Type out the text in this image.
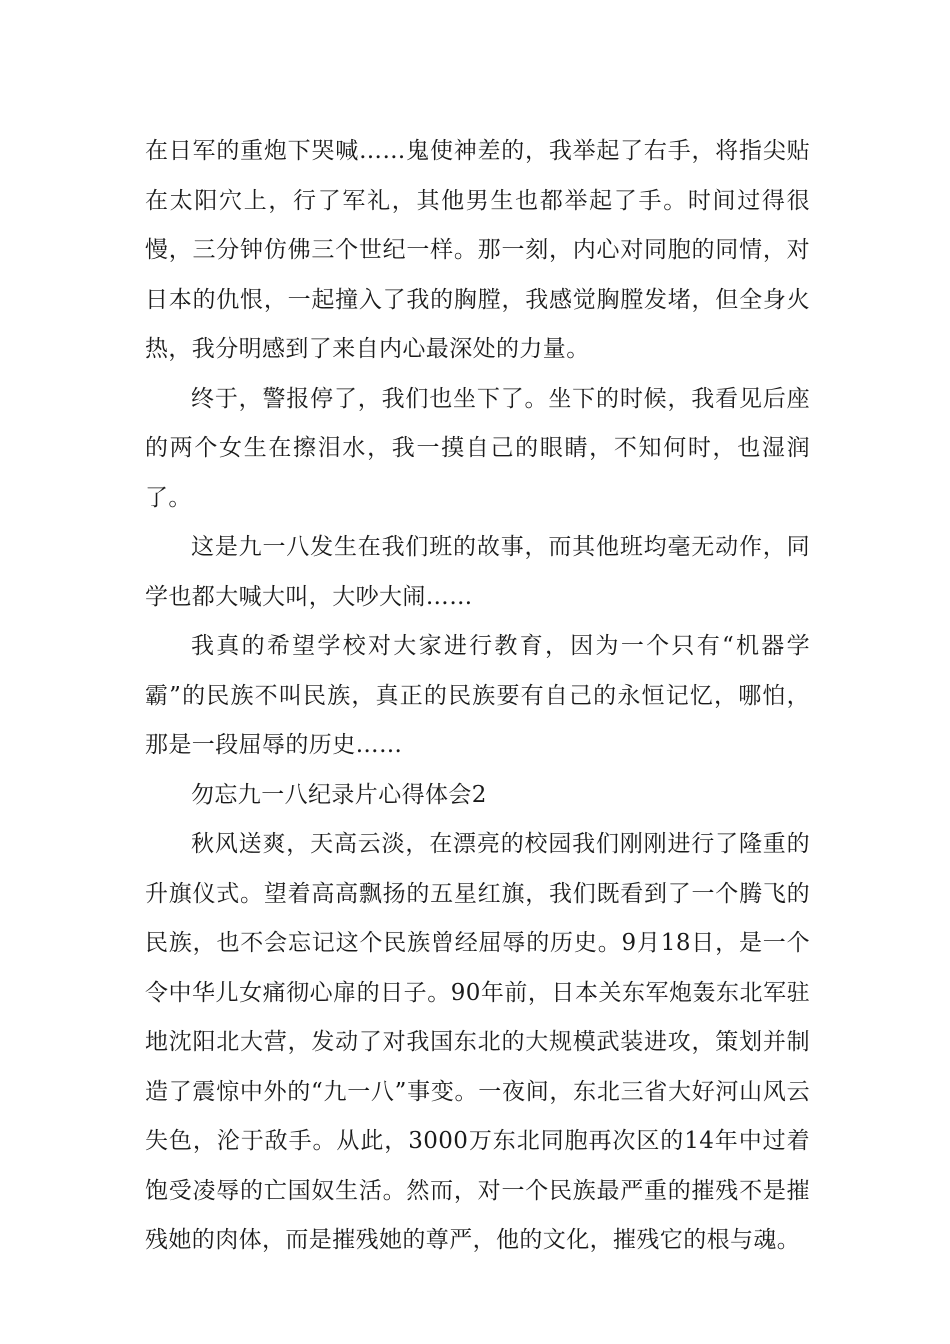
在日军的重炮下哭喊……鬼使神差的，我举起了右手，将指尖贴在太阳穴上，行了军礼，其他男生也都举起了手。时间过得很慢，三分钟仿佛三个世纪一样。那一刻，内心对同胞的同情，对日本的仇恨，一起撞入了我的胸膛，我感觉胸膛发堵，但全身火热，我分明感到了来自内心最深处的力量。

终于，警报停了，我们也坐下了。坐下的时候，我看见后座的两个女生在擦泪水，我一摸自己的眼睛，不知何时，也湿润了。

这是九一八发生在我们班的故事，而其他班均毫无动作，同学也都大喊大叫，大吵大闹……

我真的希望学校对大家进行教育，因为一个只有“机器学霸”的民族不叫民族，真正的民族要有自己的永恒记忆，哪怕，那是一段屈辱的历史……

勿忘九一八纪录片心得体会2

秋风送爽，天高云淡，在漂亮的校园我们刚刚进行了隆重的升旗仪式。望着高高飘扬的五星红旗，我们既看到了一个腾飞的民族，也不会忘记这个民族曾经屈辱的历史。9月18日，是一个令中华儿女痛彻心扉的日子。90年前，日本关东军炮轰东北军驻地沈阳北大营，发动了对我国东北的大规模武装进攻，策划并制造了震惊中外的“九一八”事变。一夜间，东北三省大好河山风云失色，沦于敌手。从此，3000万东北同胞再次区的14年中过着饱受凌辱的亡国奴生活。然而，对一个民族最严重的摧残不是摧残她的肉体，而是摧残她的尊严，他的文化，摧残它的根与魂。
